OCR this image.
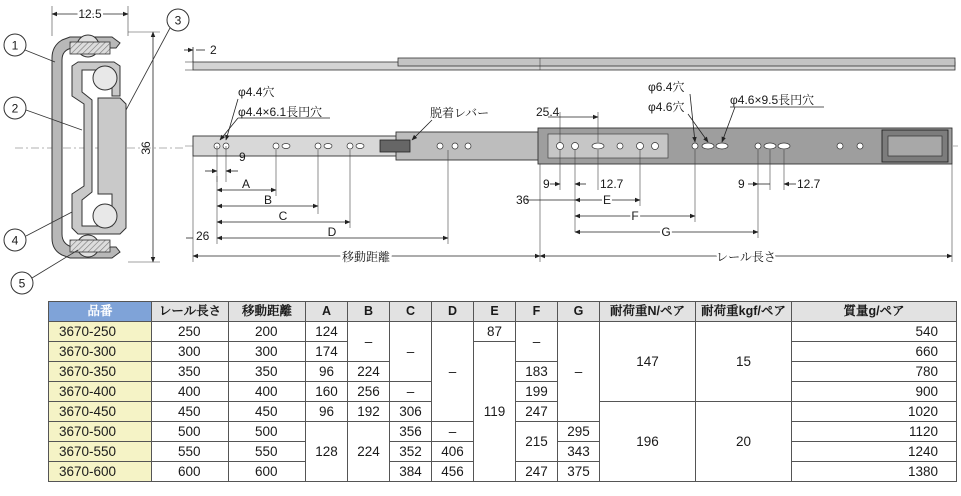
12.5
36
1
2
3
4
5
2
φ4.4穴
φ4.4×6.1長円穴	脱着レバー
9
A
B
C
D
26
移動距離	レール長さ
25.4
φ6.4穴
φ4.6穴	φ4.6×9.5長円穴
9	12.7
E
F
G
36
9	12.7
品番	レール長さ	移動距離	A	B	C	D	E	F	G	耐荷重N/ペア	耐荷重kgf/ペア	質量g/ペア
3670-250	250	200	124	–	–	–	87	–	–	147	15	540
3670-300	300	300	174				119					660
3670-350	350	350	96	224				183				780
3670-400	400	400	160	256	–			199				900
3670-450	450	450	96	192	306			247		196	20	1020
3670-500	500	500	128	224	356	–		215	295			1120
3670-550	550	550			352	406			343			1240
3670-600	600	600			384	456		247	375			1380
